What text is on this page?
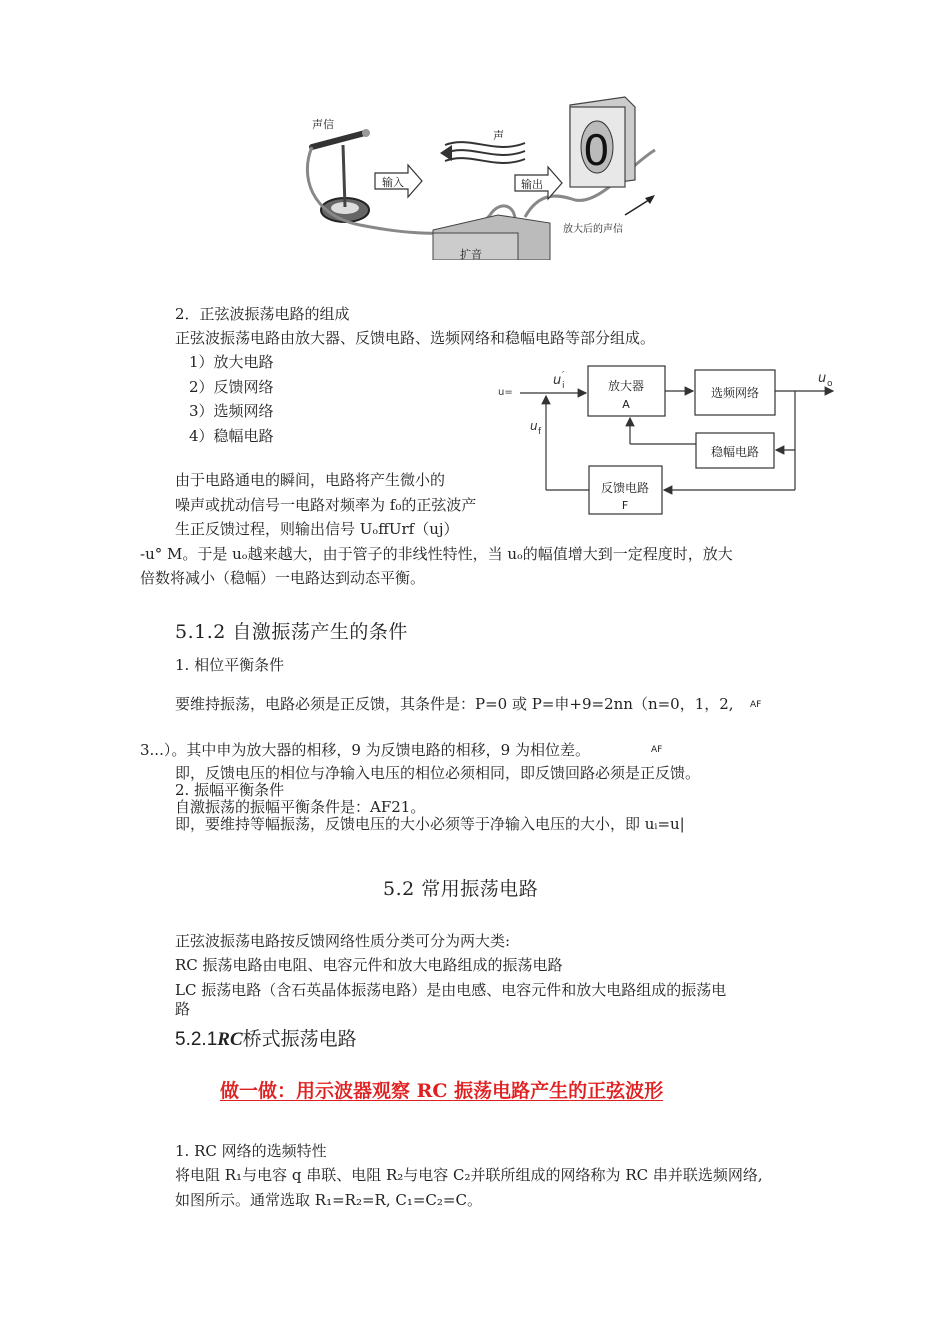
声信
声
输入	输出
0
放大后的声信
扩音
2．正弦波振荡电路的组成
正弦波振荡电路由放大器、反馈电路、选频网络和稳幅电路等部分组成。
1）放大电路
2）反馈网络
3）选频网络
4）稳幅电路
u=
u ′
i
u f
u o
放大器
A
选频网络
稳幅电路
反馈电路
F
由于电路通电的瞬间，电路将产生微小的
噪声或扰动信号一电路对频率为 f₀的正弦波产
生正反馈过程，则输出信号 UₒffUrf（uj）
-u° M。于是 uₒ越来越大，由于管子的非线性特性，当 uₒ的幅值增大到一定程度时，放大
倍数将减小（稳幅）一电路达到动态平衡。
5.1.2 自激振荡产生的条件
1. 相位平衡条件
要维持振荡，电路必须是正反馈，其条件是：P=0 或 P=申+9=2nn（n=0，1，2, AF
3...）。其中申为放大器的相移，9 为反馈电路的相移，9 为相位差。	AF
即，反馈电压的相位与净输入电压的相位必须相同，即反馈回路必须是正反馈。
2. 振幅平衡条件
自激振荡的振幅平衡条件是：AF21。
即，要维持等幅振荡，反馈电压的大小必须等于净输入电压的大小，即 uᵢ=u|
5.2 常用振荡电路
正弦波振荡电路按反馈网络性质分类可分为两大类:
RC 振荡电路由电阻、电容元件和放大电路组成的振荡电路
LC 振荡电路（含石英晶体振荡电路）是由电感、电容元件和放大电路组成的振荡电
路
5.2.1RC桥式振荡电路
做一做：用示波器观察 RC 振荡电路产生的正弦波形
1. RC 网络的选频特性
将电阻 R₁与电容 q 串联、电阻 R₂与电容 C₂并联所组成的网络称为 RC 串并联选频网络,
如图所示。通常选取 R₁=R₂=R, C₁=C₂=C。
